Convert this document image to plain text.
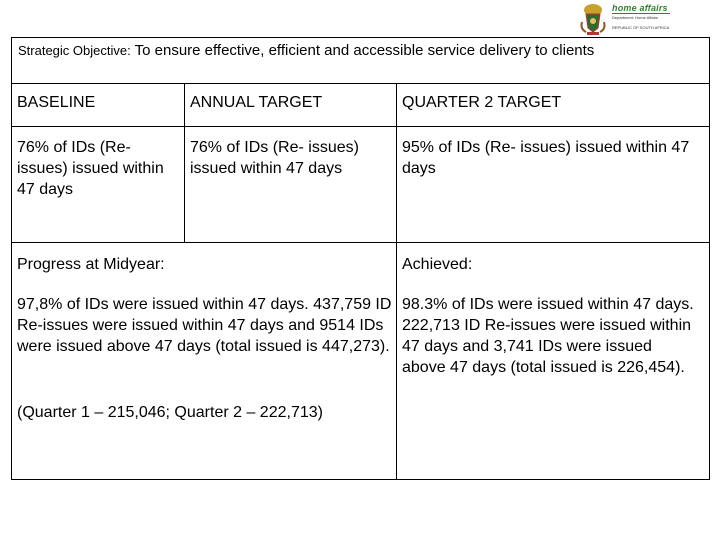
home affairs
Department: Home Affairs
REPUBLIC OF SOUTH AFRICA
Strategic Objective: To ensure effective, efficient and accessible service delivery to clients
BASELINE	ANNUAL TARGET	QUARTER 2 TARGET
76% of IDs (Re-issues) issued within 47 days
76% of IDs (Re- issues) issued within 47 days
95% of IDs (Re- issues) issued within 47 days
Progress at Midyear:
97,8% of IDs were issued within 47 days. 437,759 ID Re-issues were issued within 47 days and 9514 IDs were issued above 47 days (total issued is 447,273).
(Quarter 1 – 215,046; Quarter 2 – 222,713)
Achieved:
98.3% of IDs were issued within 47 days. 222,713 ID Re-issues were issued within 47 days and 3,741 IDs were issued above 47 days (total issued is 226,454).
